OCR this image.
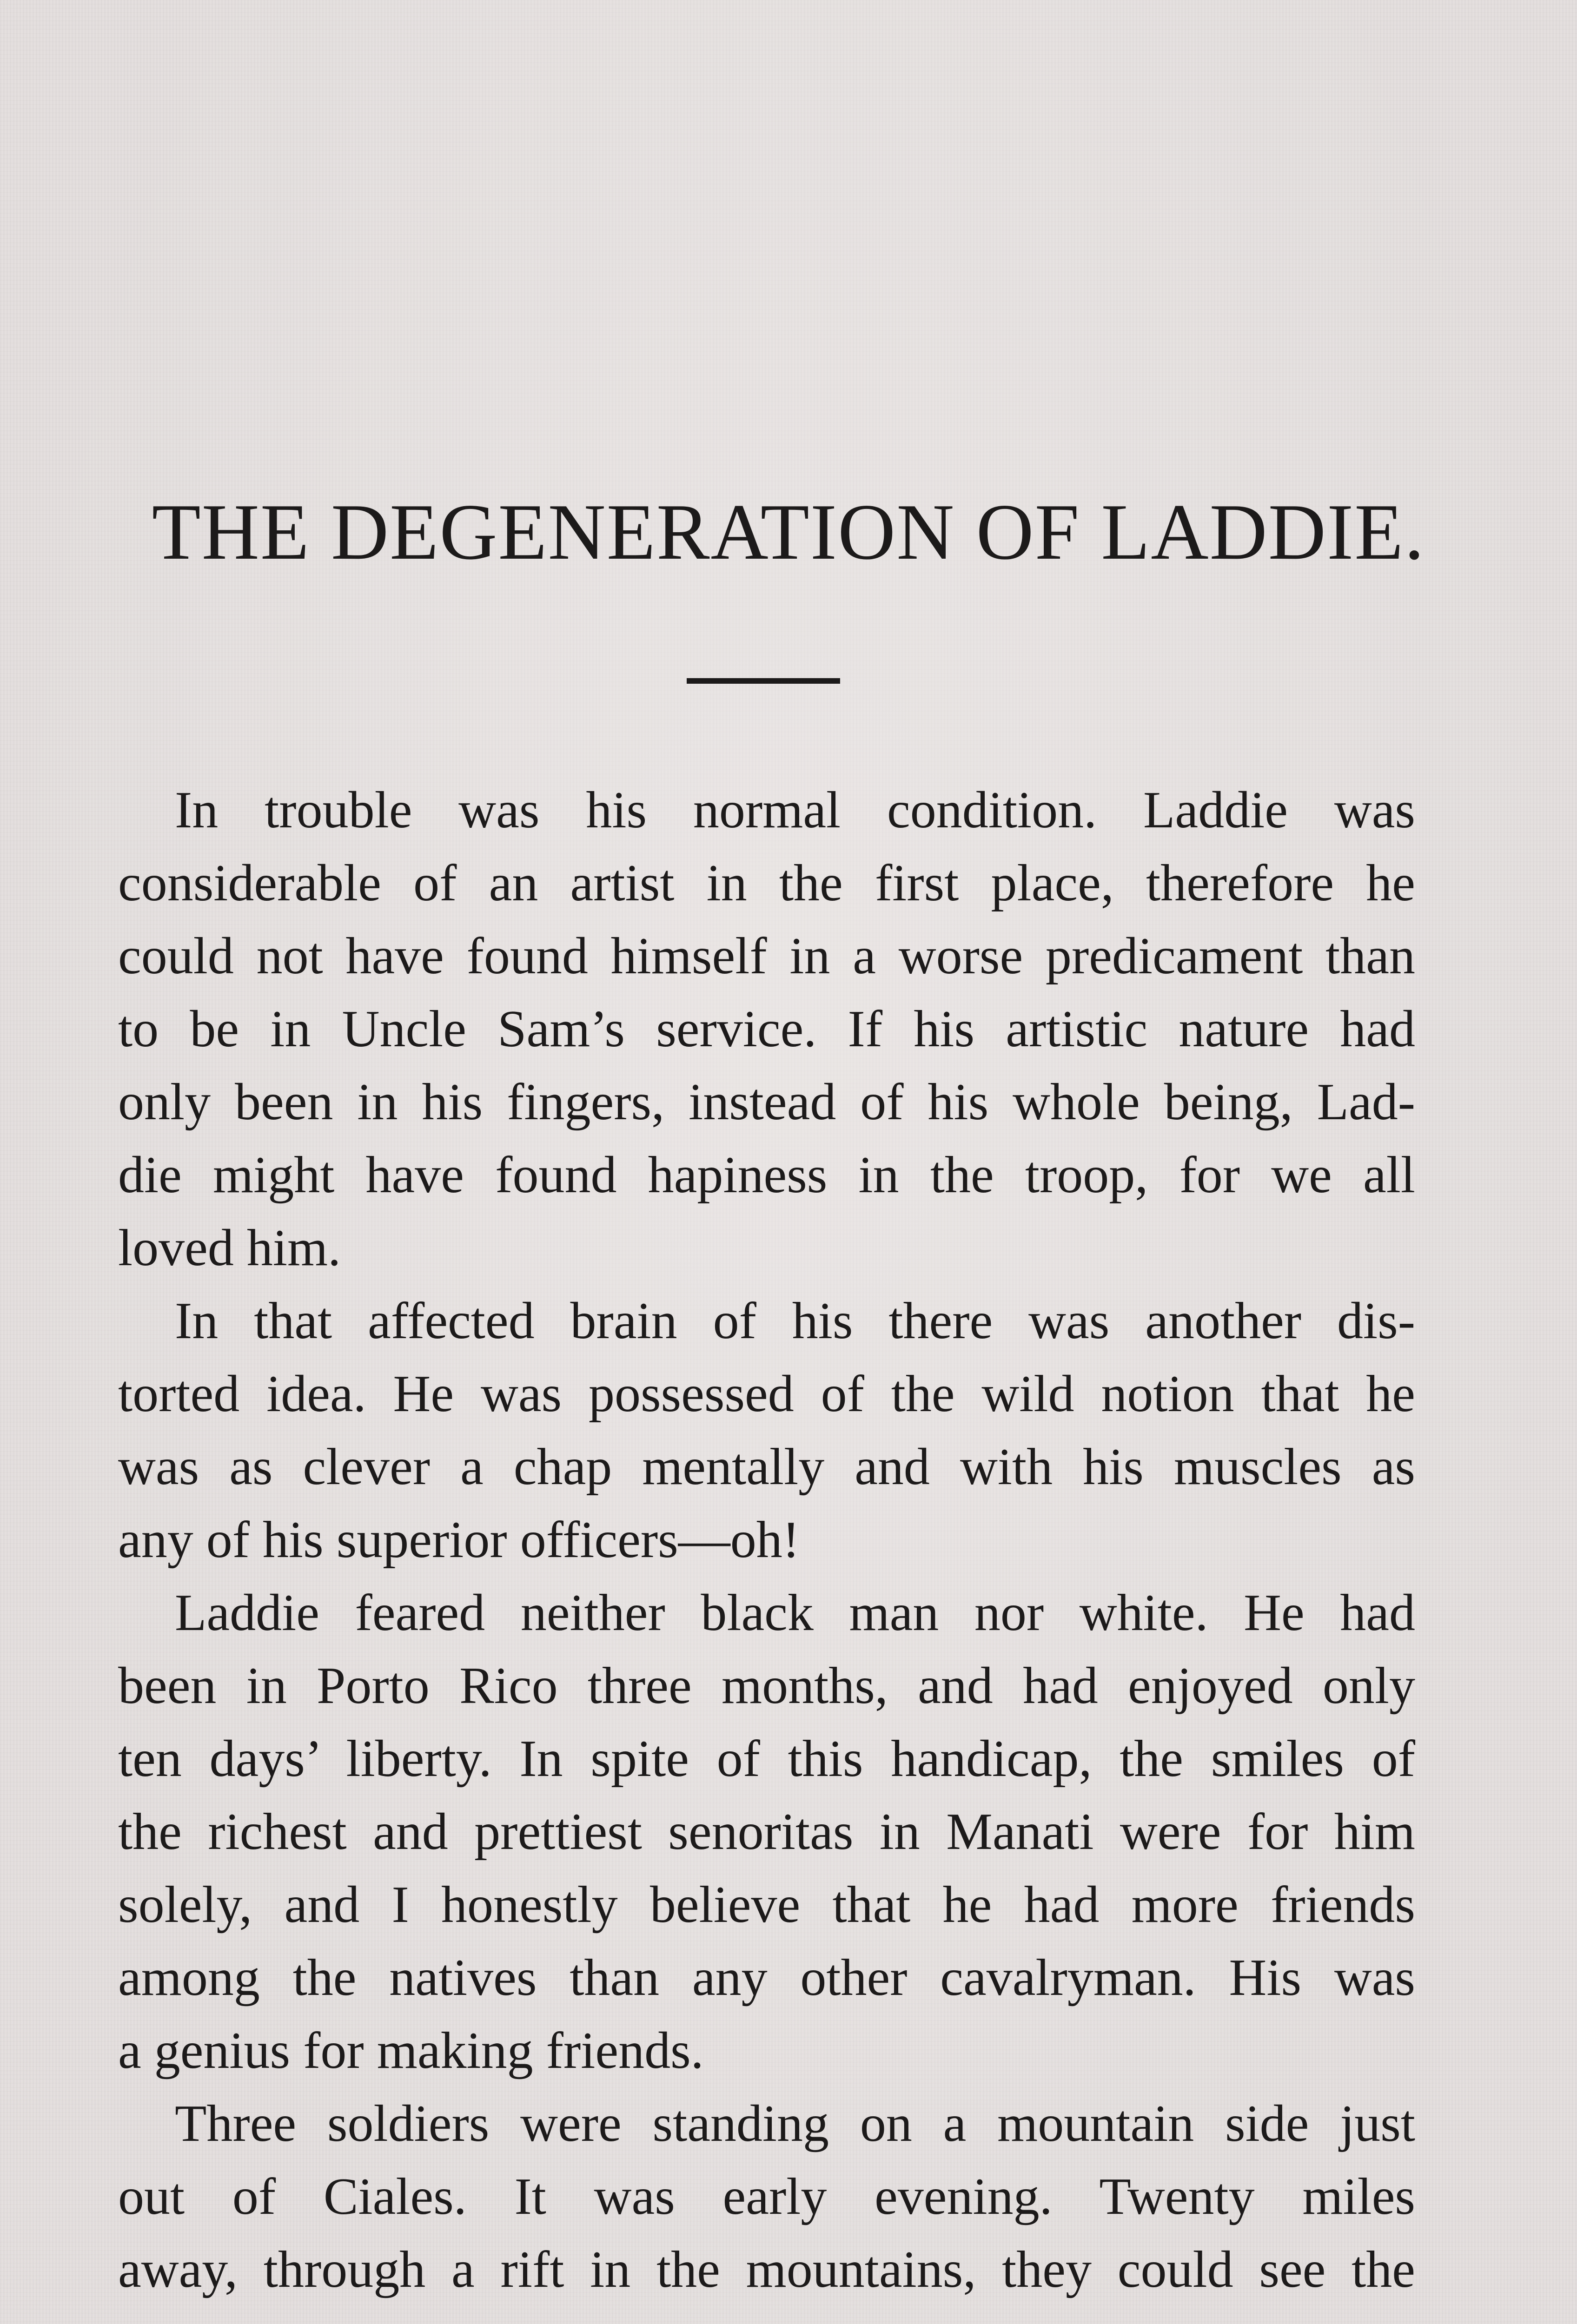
THE DEGENERATION OF LADDIE.

In trouble was his normal condition. Laddie was
considerable of an artist in the first place, therefore he
could not have found himself in a worse predicament than
to be in Uncle Sam’s service. If his artistic nature had
only been in his fingers, instead of his whole being, Lad-
die might have found hapiness in the troop, for we all
loved him.

In that affected brain of his there was another dis-
torted idea. He was possessed of the wild notion that he
was as clever a chap mentally and with his muscles as
any of his superior officers—oh!

Laddie feared neither black man nor white. He had
been in Porto Rico three months, and had enjoyed only
ten days’ liberty. In spite of this handicap, the smiles of
the richest and prettiest senoritas in Manati were for him
solely, and I honestly believe that he had more friends
among the natives than any other cavalryman. His was
a genius for making friends.

Three soldiers were standing on a mountain side just
out of Ciales. It was early evening. Twenty miles
away, through a rift in the mountains, they could see the
